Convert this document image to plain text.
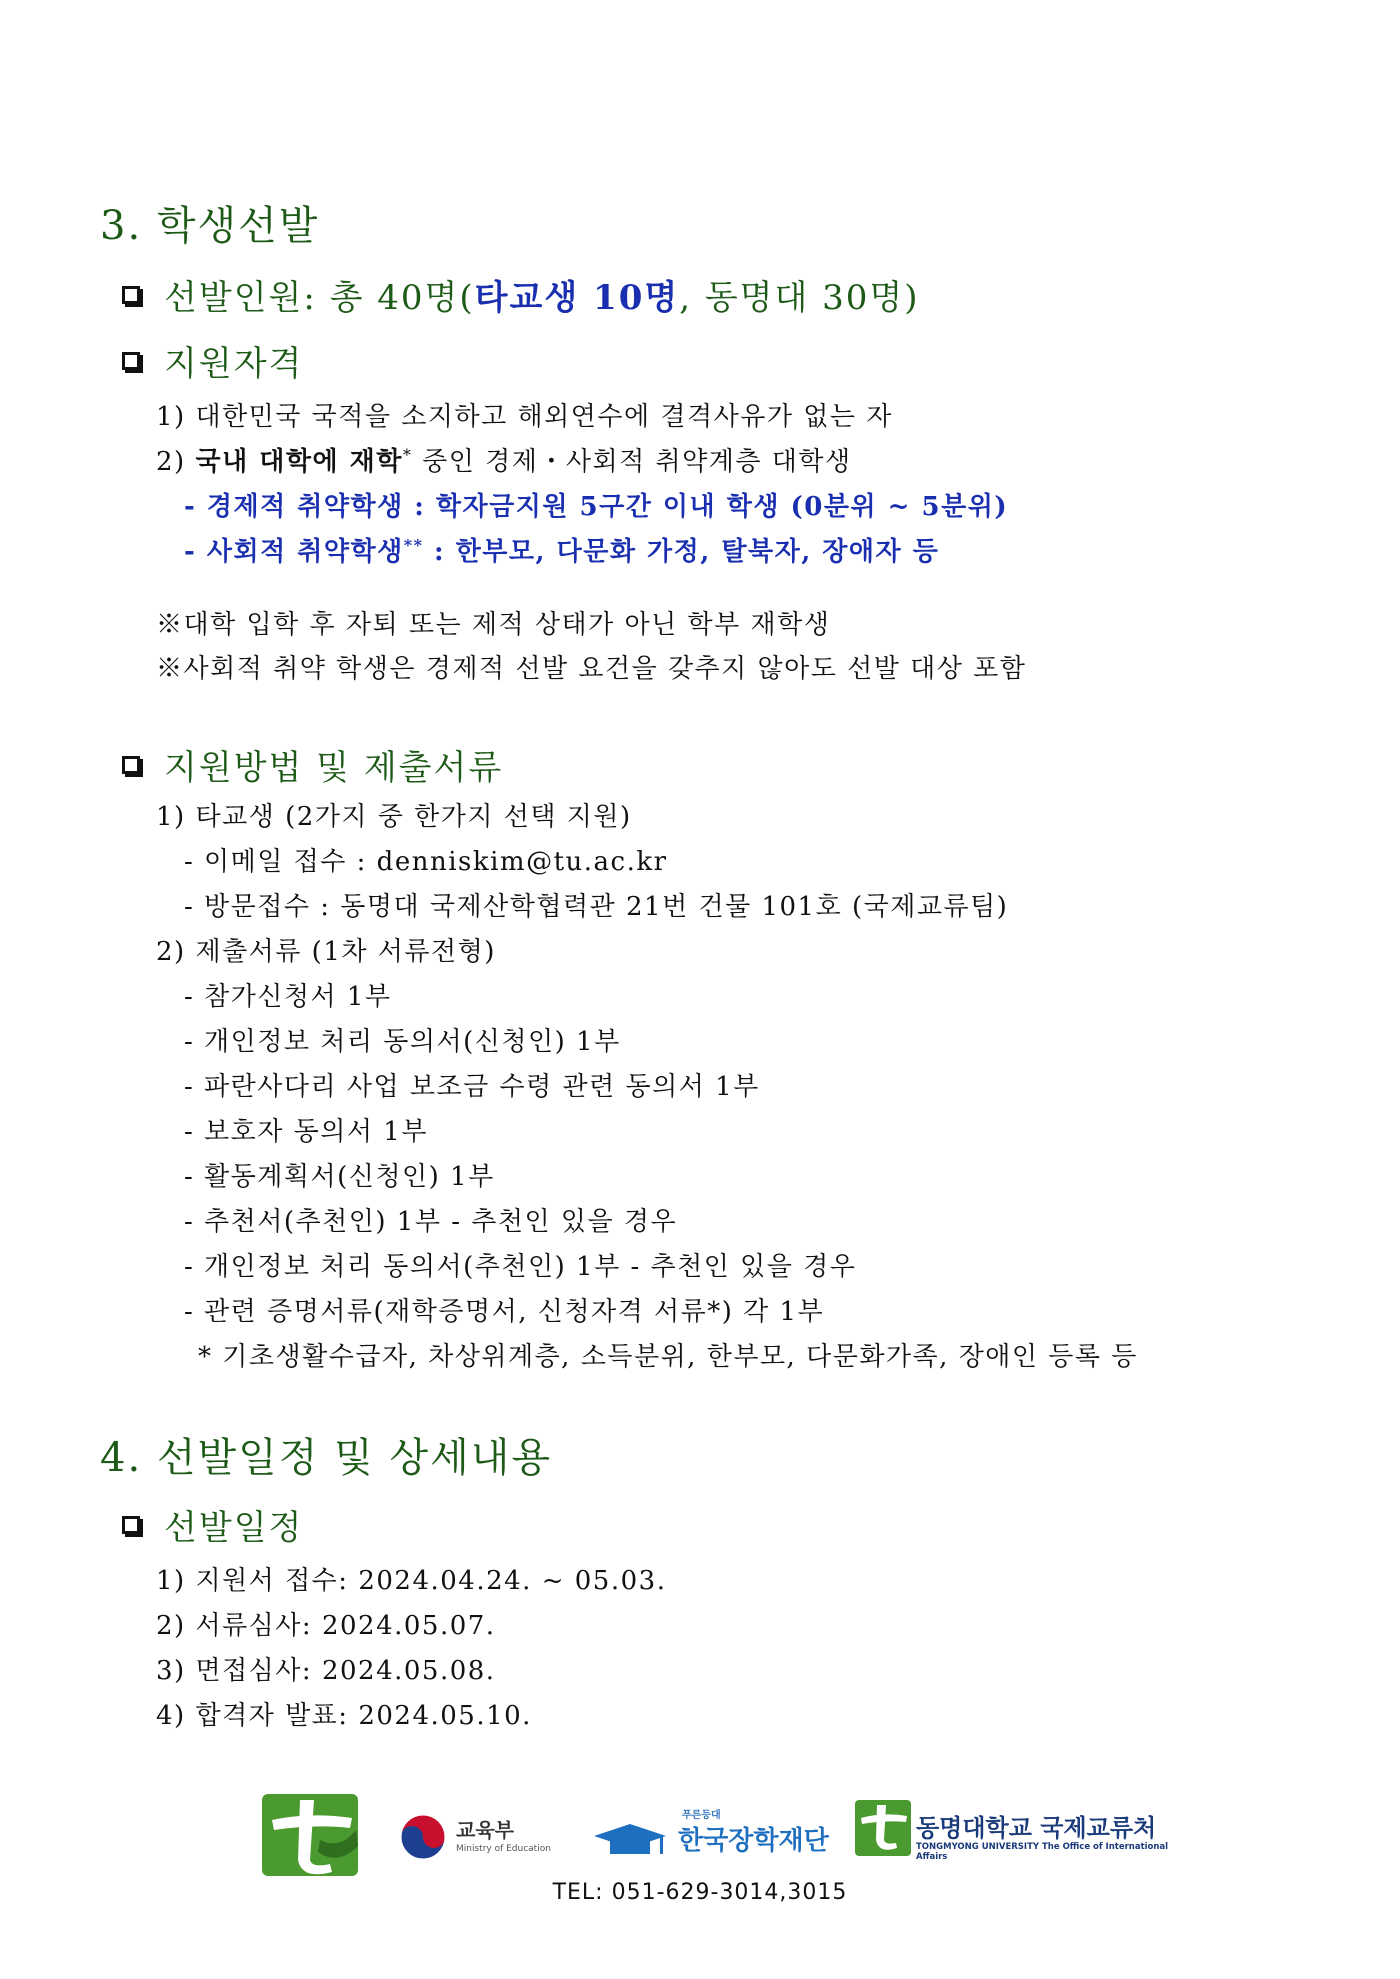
3. 학생선발
선발인원: 총 40명( 타교생 10명 , 동명대 30명)
지원자격
1) 대한민국 국적을 소지하고 해외연수에 결격사유가 없는 자
2) 국내 대학에 재학* 중인 경제・사회적 취약계층 대학생
- 경제적 취약학생 : 학자금지원 5구간 이내 학생 (0분위 ~ 5분위)
- 사회적 취약학생** : 한부모, 다문화 가정, 탈북자, 장애자 등
※대학 입학 후 자퇴 또는 제적 상태가 아닌 학부 재학생
※사회적 취약 학생은 경제적 선발 요건을 갖추지 않아도 선발 대상 포함
지원방법 및 제출서류
1) 타교생 (2가지 중 한가지 선택 지원)
- 이메일 접수 : denniskim@tu.ac.kr
- 방문접수 : 동명대 국제산학협력관 21번 건물 101호 (국제교류팀)
2) 제출서류 (1차 서류전형)
- 참가신청서 1부
- 개인정보 처리 동의서(신청인) 1부
- 파란사다리 사업 보조금 수령 관련 동의서 1부
- 보호자 동의서 1부
- 활동계획서(신청인) 1부
- 추천서(추천인) 1부 - 추천인 있을 경우
- 개인정보 처리 동의서(추천인) 1부 - 추천인 있을 경우
- 관련 증명서류(재학증명서, 신청자격 서류*) 각 1부
* 기초생활수급자, 차상위계층, 소득분위, 한부모, 다문화가족, 장애인 등록 등
4. 선발일정 및 상세내용
선발일정
1) 지원서 접수: 2024.04.24. ~ 05.03.
2) 서류심사: 2024.05.07.
3) 면접심사: 2024.05.08.
4) 합격자 발표: 2024.05.10.
교육부
Ministry of Education
푸른등대
한국장학재단	동명대학교 국제교류처
TONGMYONG UNIVERSITY The Office of International Affairs
TEL: 051-629-3014,3015
